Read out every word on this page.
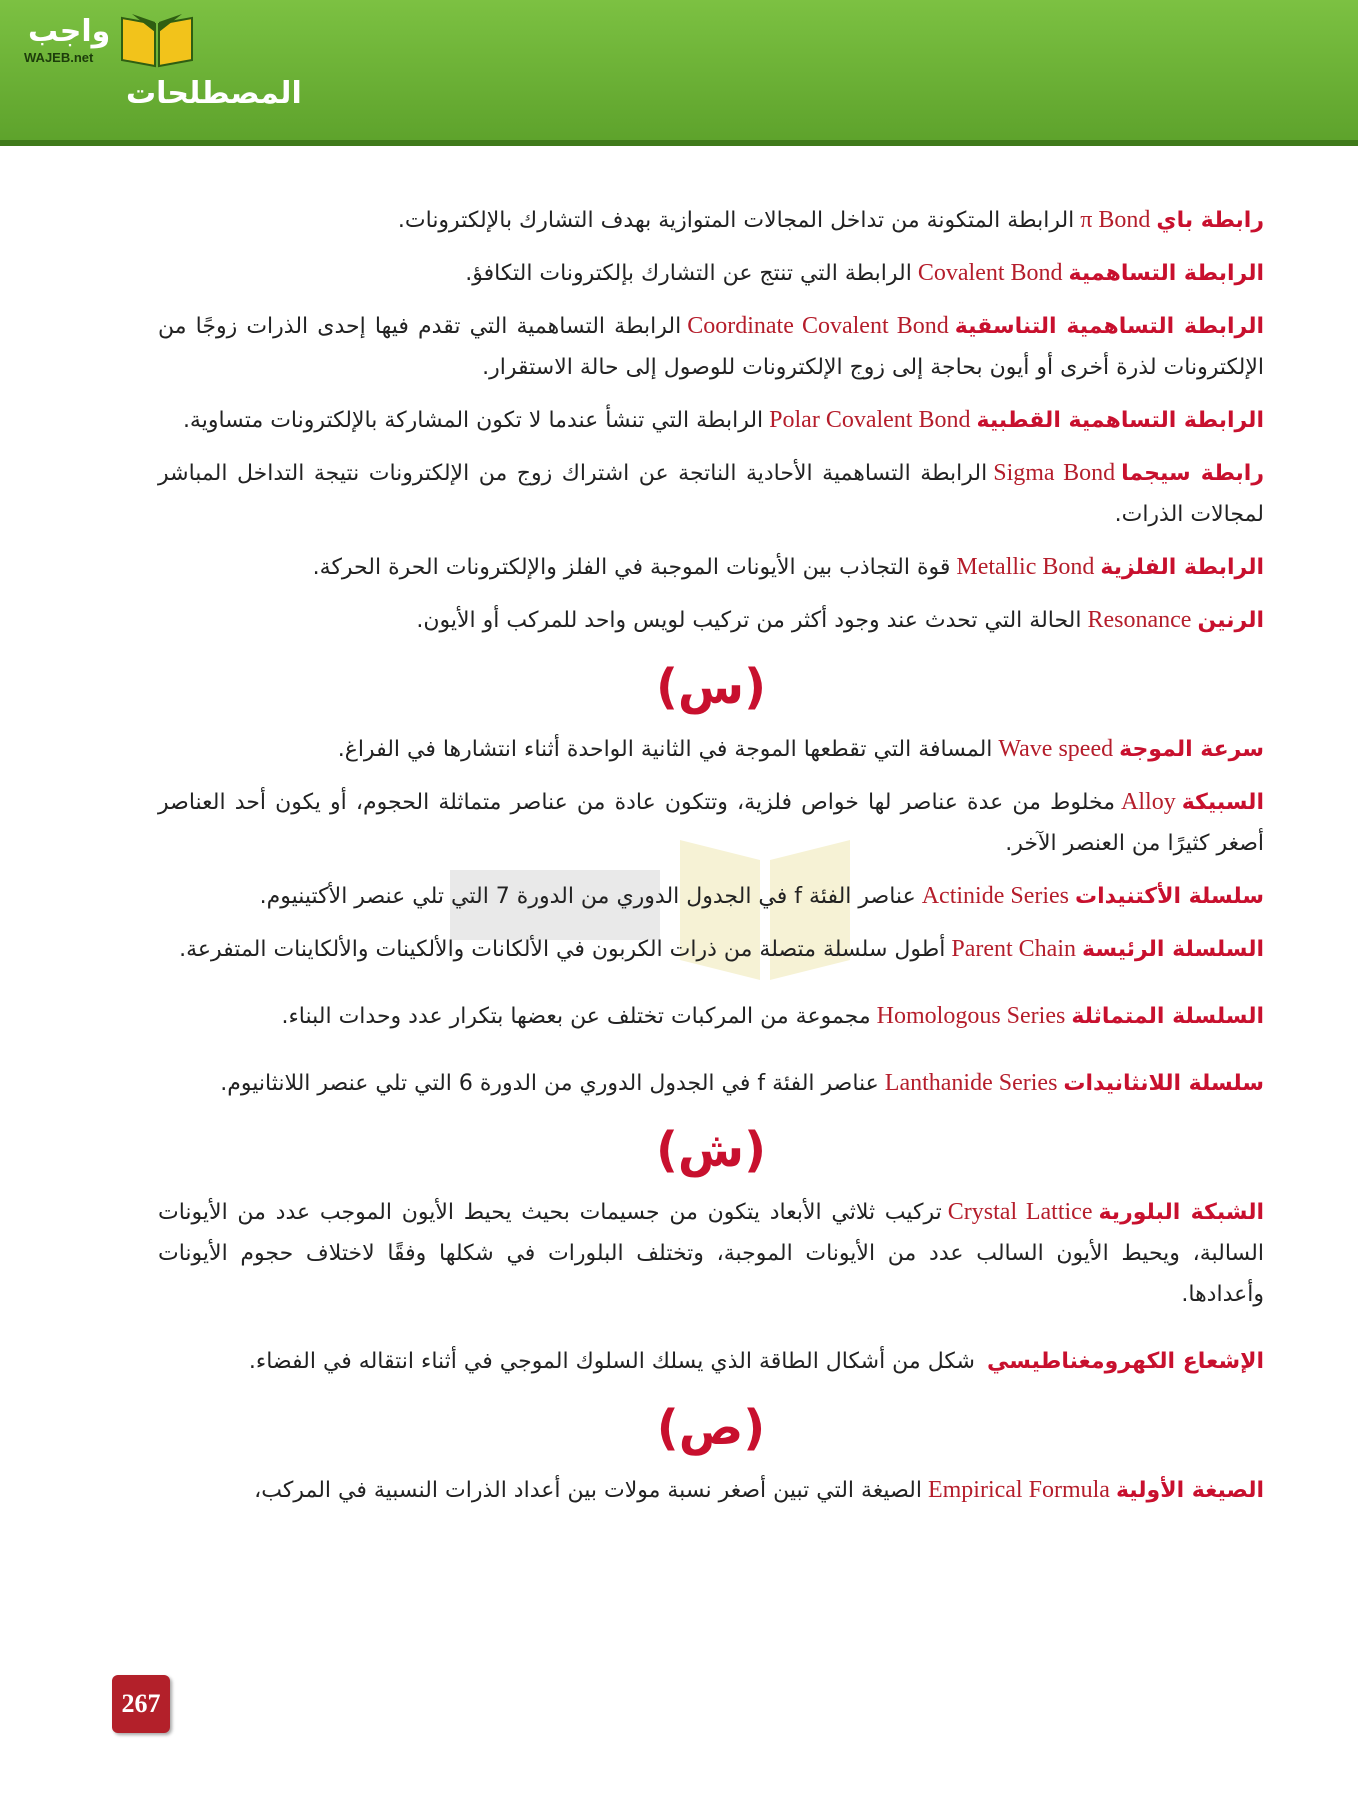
واجب
WAJEB.net
المصطلحات
رابطة بايπ Bondالرابطة المتكونة من تداخل المجالات المتوازية بهدف التشارك بالإلكترونات.
الرابطة التساهميةCovalent Bondالرابطة التي تنتج عن التشارك بإلكترونات التكافؤ.
الرابطة التساهمية التناسقيةCoordinate Covalent Bondالرابطة التساهمية التي تقدم فيها إحدى الذرات زوجًا من الإلكترونات لذرة أخرى أو أيون بحاجة إلى زوج الإلكترونات للوصول إلى حالة الاستقرار.
الرابطة التساهمية القطبيةPolar Covalent Bondالرابطة التي تنشأ عندما لا تكون المشاركة بالإلكترونات متساوية.
رابطة سيجماSigma Bondالرابطة التساهمية الأحادية الناتجة عن اشتراك زوج من الإلكترونات نتيجة التداخل المباشر لمجالات الذرات.
الرابطة الفلزيةMetallic Bondقوة التجاذب بين الأيونات الموجبة في الفلز والإلكترونات الحرة الحركة.
الرنينResonanceالحالة التي تحدث عند وجود أكثر من تركيب لويس واحد للمركب أو الأيون.
(س)
سرعة الموجةWave speedالمسافة التي تقطعها الموجة في الثانية الواحدة أثناء انتشارها في الفراغ.
السبيكةAlloyمخلوط من عدة عناصر لها خواص فلزية، وتتكون عادة من عناصر متماثلة الحجوم، أو يكون أحد العناصر أصغر كثيرًا من العنصر الآخر.
سلسلة الأكتنيداتActinide Seriesعناصر الفئة f في الجدول الدوري من الدورة 7 التي تلي عنصر الأكتينيوم.
السلسلة الرئيسةParent Chainأطول سلسلة متصلة من ذرات الكربون في الألكانات والألكينات والألكاينات المتفرعة.
السلسلة المتماثلةHomologous Seriesمجموعة من المركبات تختلف عن بعضها بتكرار عدد وحدات البناء.
سلسلة اللانثانيداتLanthanide Seriesعناصر الفئة f في الجدول الدوري من الدورة 6 التي تلي عنصر اللانثانيوم.
(ش)
الشبكة البلوريةCrystal Latticeتركيب ثلاثي الأبعاد يتكون من جسيمات بحيث يحيط الأيون الموجب عدد من الأيونات السالبة، ويحيط الأيون السالب عدد من الأيونات الموجبة، وتختلف البلورات في شكلها وفقًا لاختلاف حجوم الأيونات وأعدادها.
الإشعاع الكهرومغناطيسيشكل من أشكال الطاقة الذي يسلك السلوك الموجي في أثناء انتقاله في الفضاء.
(ص)
الصيغة الأوليةEmpirical Formulaالصيغة التي تبين أصغر نسبة مولات بين أعداد الذرات النسبية في المركب،
267
